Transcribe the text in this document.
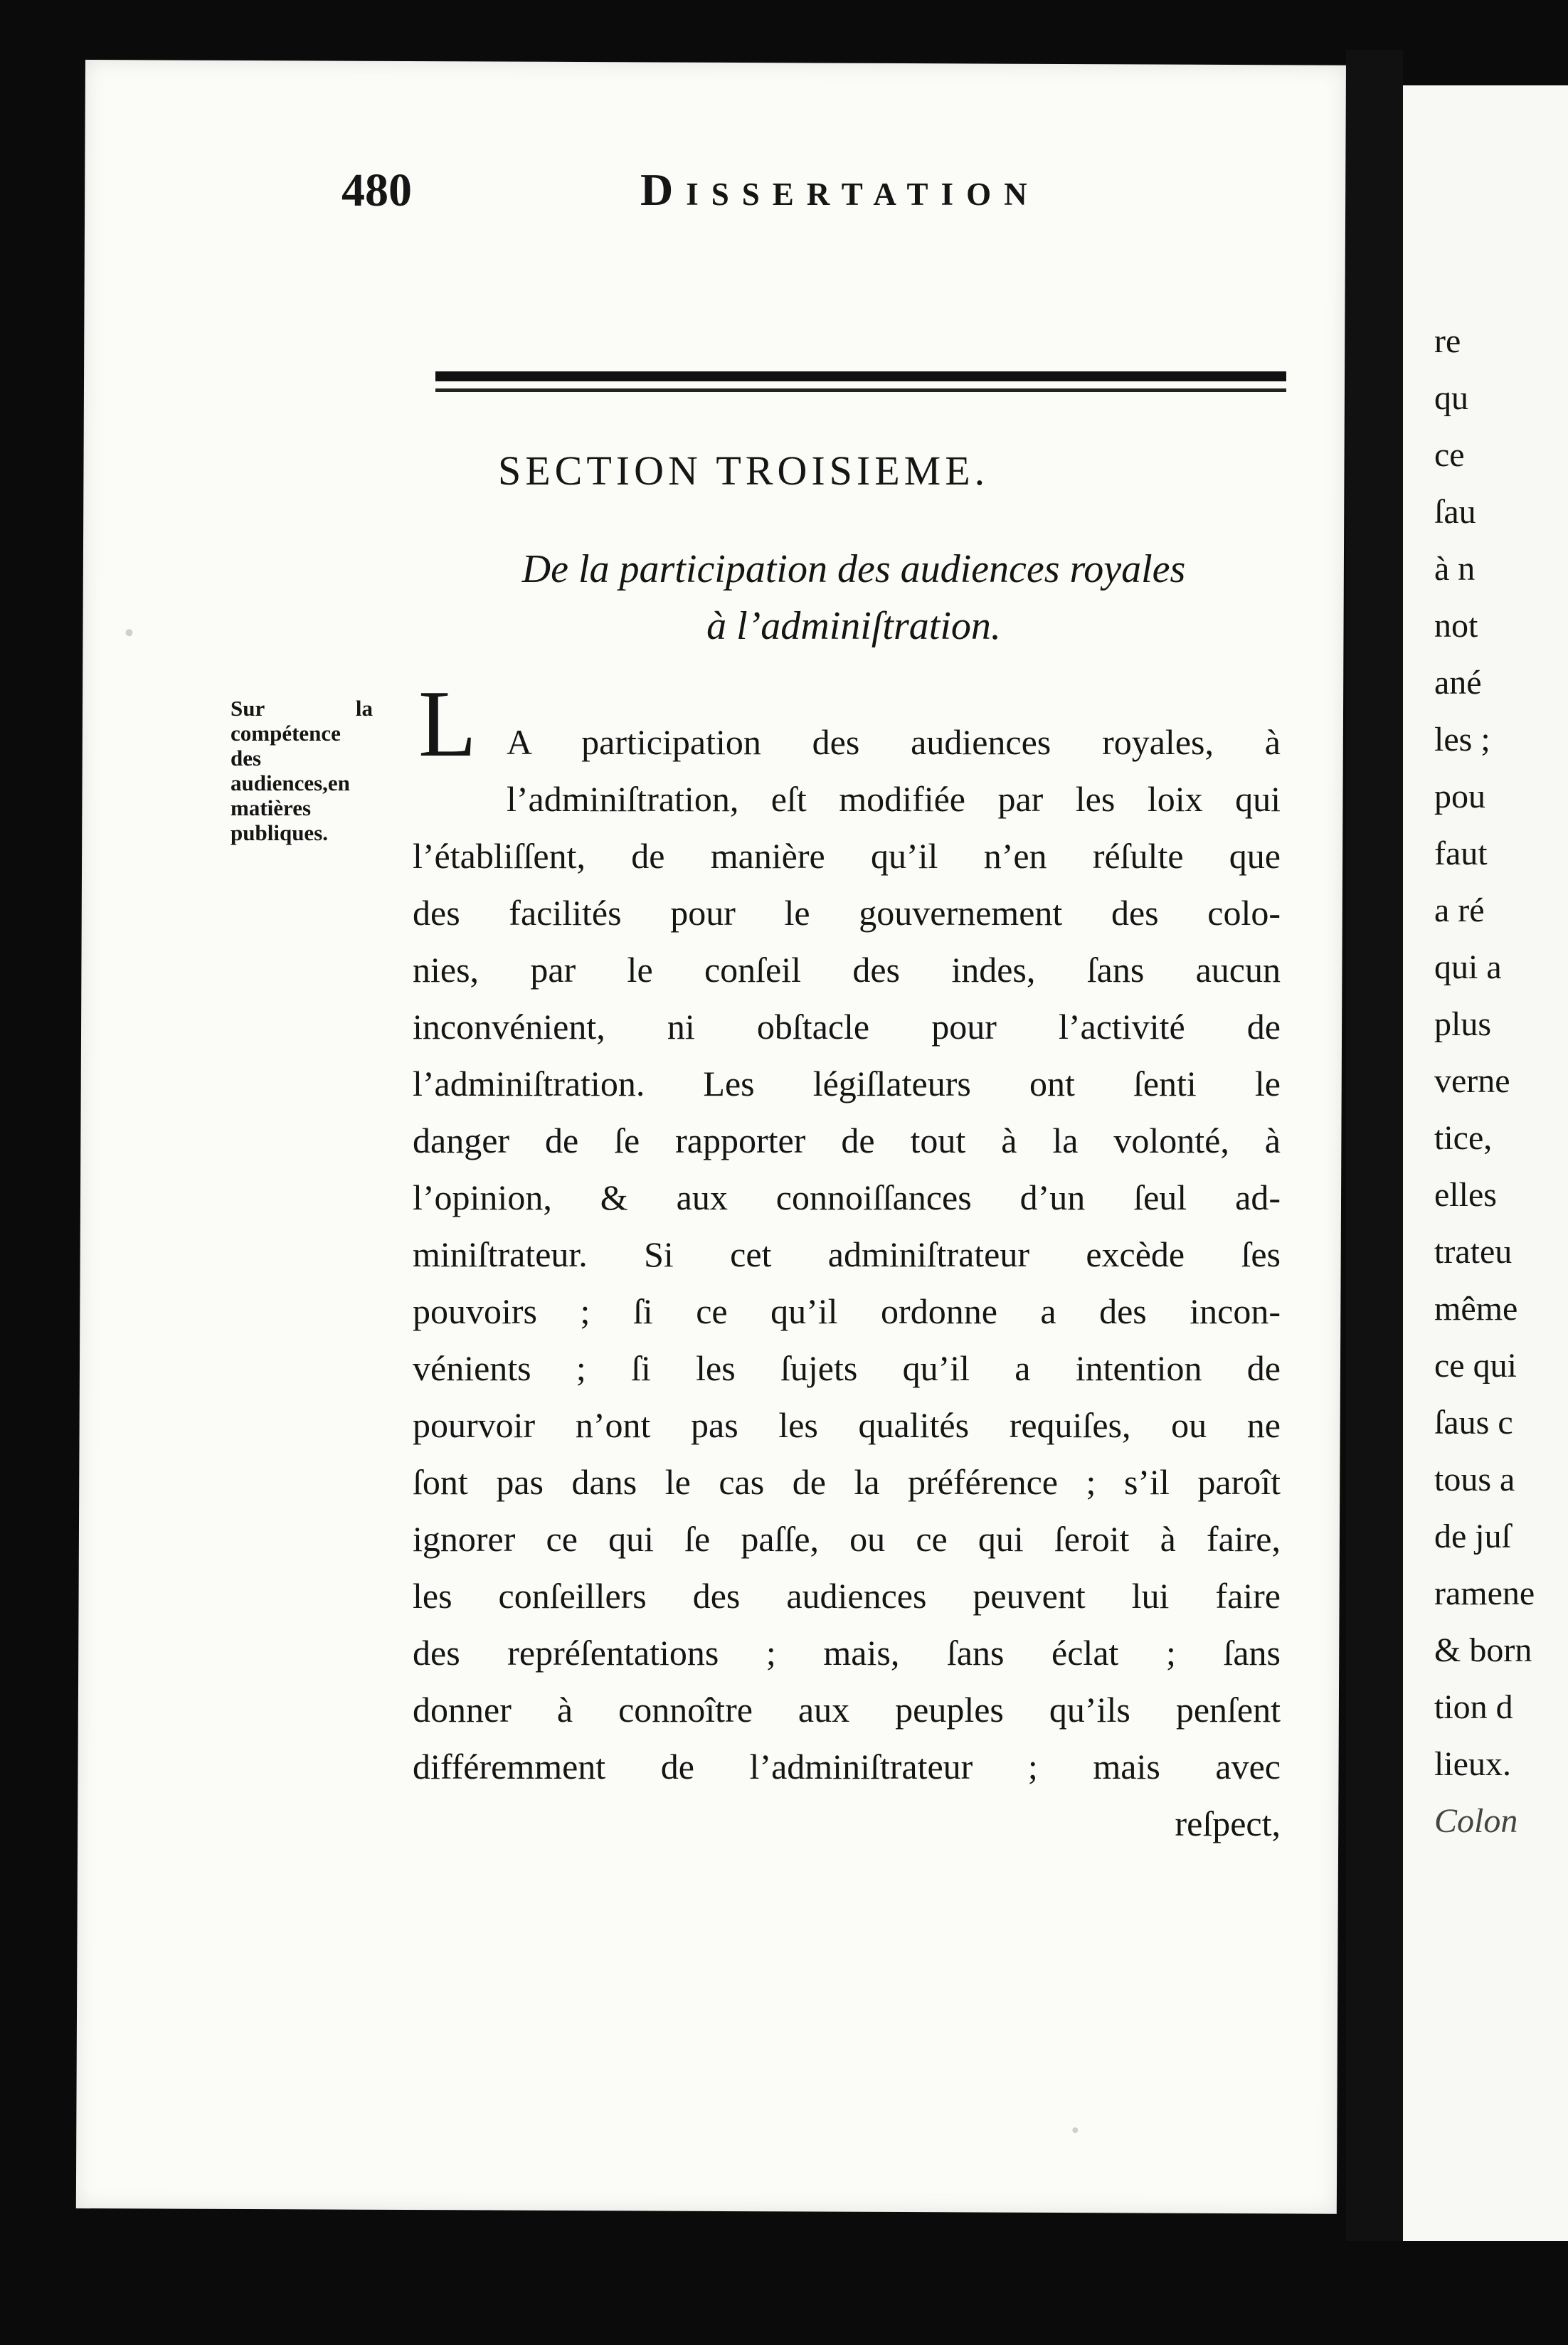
480	Dissertation
SECTION TROISIEME.
De la participation des audiences royales
à l’adminiſtration.
Sur la compétence des audiences,en matières publiques.
L A participation des audiences royales, à
l’adminiſtration, eſt modifiée par les loix qui
l’établiſſent, de manière qu’il n’en réſulte que
des facilités pour le gouvernement des colo-
nies, par le conſeil des indes, ſans aucun
inconvénient, ni obſtacle pour l’activité de
l’adminiſtration. Les légiſlateurs ont ſenti le
danger de ſe rapporter de tout à la volonté, à
l’opinion, & aux connoiſſances d’un ſeul ad-
miniſtrateur. Si cet adminiſtrateur excède ſes
pouvoirs ; ſi ce qu’il ordonne a des incon-
vénients ; ſi les ſujets qu’il a intention de
pourvoir n’ont pas les qualités requiſes, ou ne
ſont pas dans le cas de la préférence ; s’il paroît
ignorer ce qui ſe paſſe, ou ce qui ſeroit à faire,
les conſeillers des audiences peuvent lui faire
des repréſentations ; mais, ſans éclat ; ſans
donner à connoître aux peuples qu’ils penſent
différemment de l’adminiſtrateur ; mais avec
reſpect,
re
qu
ce
ſau
à n
not
ané
les ;
pou
faut
a ré
qui a
plus
verne
tice,
elles
trateu
même
ce qui
ſaus c
tous a
de juſ
ramene
& born
tion d
lieux.
Colon
